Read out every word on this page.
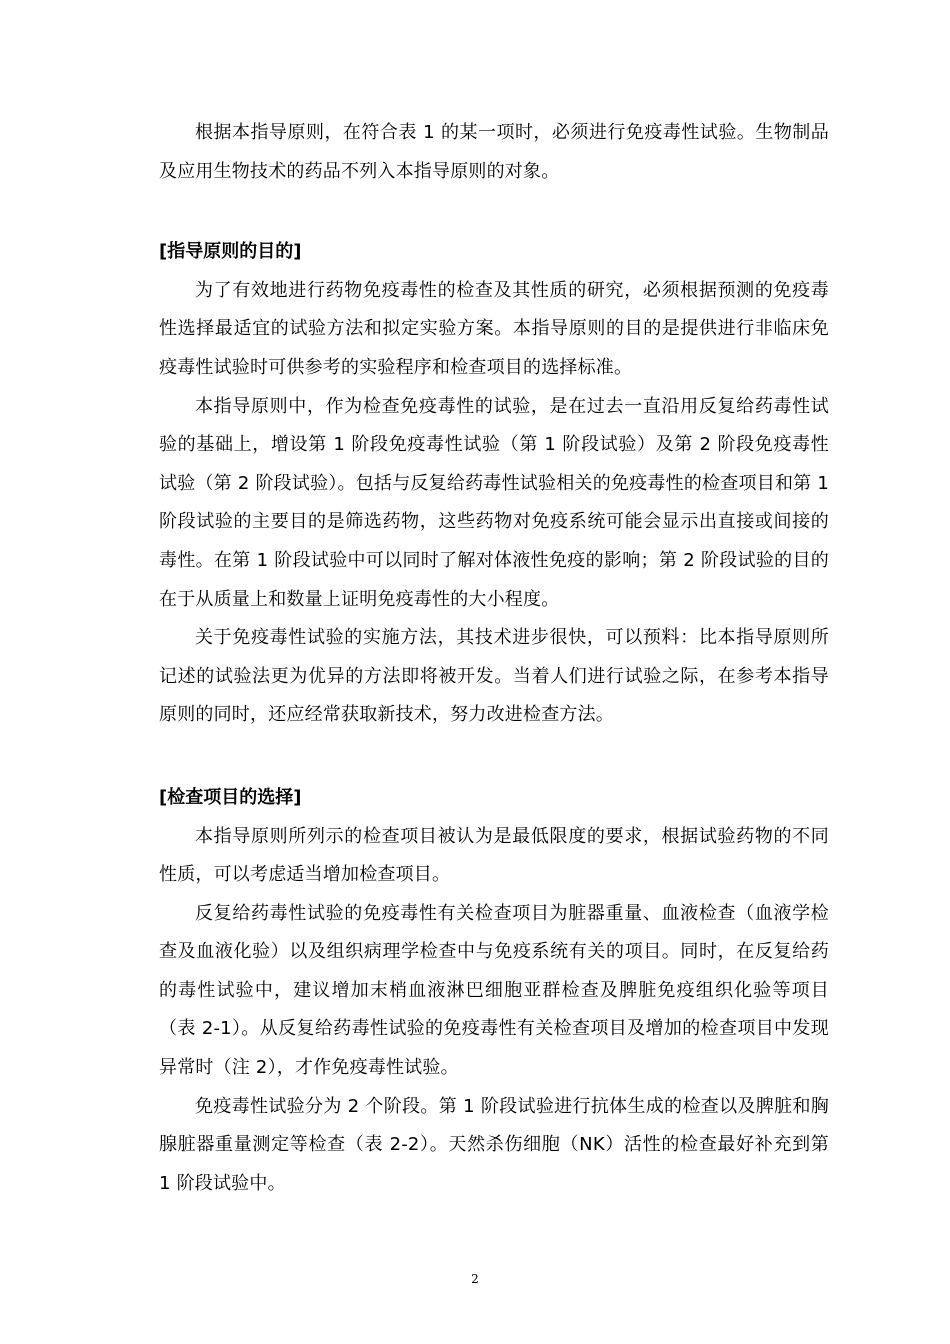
根据本指导原则，在符合表 1 的某一项时，必须进行免疫毒性试验。生物制品及应用生物技术的药品不列入本指导原则的对象。

[指导原则的目的]

为了有效地进行药物免疫毒性的检查及其性质的研究，必须根据预测的免疫毒性选择最适宜的试验方法和拟定实验方案。本指导原则的目的是提供进行非临床免疫毒性试验时可供参考的实验程序和检查项目的选择标准。

本指导原则中，作为检查免疫毒性的试验，是在过去一直沿用反复给药毒性试验的基础上，增设第 1 阶段免疫毒性试验（第 1 阶段试验）及第 2 阶段免疫毒性试验（第 2 阶段试验）。包括与反复给药毒性试验相关的免疫毒性的检查项目和第 1 阶段试验的主要目的是筛选药物，这些药物对免疫系统可能会显示出直接或间接的毒性。在第 1 阶段试验中可以同时了解对体液性免疫的影响；第 2 阶段试验的目的在于从质量上和数量上证明免疫毒性的大小程度。

关于免疫毒性试验的实施方法，其技术进步很快，可以预料：比本指导原则所记述的试验法更为优异的方法即将被开发。当着人们进行试验之际，在参考本指导原则的同时，还应经常获取新技术，努力改进检查方法。

[检查项目的选择]

本指导原则所列示的检查项目被认为是最低限度的要求，根据试验药物的不同性质，可以考虑适当增加检查项目。

反复给药毒性试验的免疫毒性有关检查项目为脏器重量、血液检查（血液学检查及血液化验）以及组织病理学检查中与免疫系统有关的项目。同时，在反复给药的毒性试验中，建议增加末梢血液淋巴细胞亚群检查及脾脏免疫组织化验等项目（表 2-1）。从反复给药毒性试验的免疫毒性有关检查项目及增加的检查项目中发现异常时（注 2），才作免疫毒性试验。

免疫毒性试验分为 2 个阶段。第 1 阶段试验进行抗体生成的检查以及脾脏和胸腺脏器重量测定等检查（表 2-2）。天然杀伤细胞（NK）活性的检查最好补充到第 1 阶段试验中。

2
